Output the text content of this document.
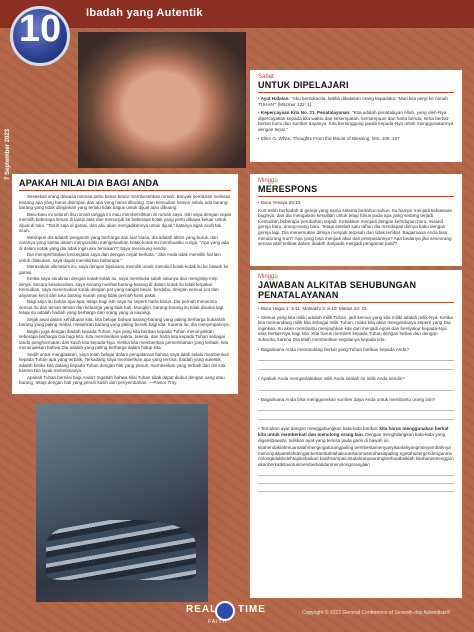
Ibadah yang Autentik
10
7 September 2023
Sabat
UNTUK DIPELAJARI
• Ayat Hafalan: “Aku bersukacita, ketika dikatakan orang kepadaku: ‘Mari kita pergi ke rumah TUHAN’” (Mazmur 122: 1).
• Kepercayaan Kita No. 21, Penatalayanan: “Kita adalah penatalayan Allah, yang oleh-Nya dipercayakan kepada kita waktu dan kesempatan, kemampuan dan harta benda, serta berkat-berkat bumi dan sumber dayanya. Kita bertanggung jawab kepada-Nya untuk menggunakannya dengan tepat.”
• Ellen G. White, Thoughts From the Mount of Blessing, hlm. 106, 107
APAKAH NILAI DIA BAGI ANDA

Seseekali orang dewasa merasa perlu benar-benar membersihkan rumah. Banyak pemikiran melintas tentang apa yang harus disimpan dan apa yang harus dibuang. Dan kemudian hampir selalu ada barang-barang yang tidak diinginkan yang terlalu tidak bagus untuk dijual atau dibuang.

Baru-baru ini seluruh ibu rumah tangga ini mau membersihkan isi rumah saya. Istri saya dengan cepat memilih beberapa lemari di lantai atas dan menunjuk ke beberapa kotak yang perlu dibawa keluar untuk dijual di toko. “Taruh saja di garasi, dan aku akan menjadikannya untuk dijual,” katanya agak acuh tak acuh.

Meskipun dia adalah pengantin yang berharga dan luar biasa, dia adalah aktris yang buruk, dan caranya yang santai dalam menyuruhku mengeluarkan kotak-kotak itu membuatku curiga. “Apa yang ada di dalam kotak yang dia tidak ingin aku temukan?” Saya merenung sendiri.

Dia memperhatikan kecurigaan saya dan dengan cepat berkata, “Jika Anda tidak memiliki hal lain untuk dilakukan, saya dapat memikirkan beberapa.”

Merasakan ultimatum itu, saya dengan bijaksana memilih untuk memikul kotak-kotak itu ke bawah ke garasi.

Ketika saya sendirian dengan kotak-kotak itu, saya membuka salah satunya dan mengintip-intip isinya. Secara keseluruhan, saya senang melihat barang-barang di dalam kotak itu tidak terpakai. Kemudian, saya menemukan kotak dengan pot yang sangat besar, berdebu, dengan semua pot dan anyaman kecil dari toko barang murah yang tidak pernah kami pakai.

Bagi saya itu bukan apa-apa, tetapi bagi istri saya itu seperti harta karun. Dia pernah menerima semua itu dari teman-teman dan keluarga yang baik hati. Mungkin, barang-barang itu tidak disukai lagi, tetapi itu adalah hadiah yang berharga dari orang yang ia sayangi.

Sejak awal dalam kehidupan kita, kita belajar bahwa barang-barang yang paling berharga bukanlah barang yang paling mahal, melainkan barang yang paling berarti bagi kita. Karena itu, dia menyimpannya.

Begitu juga dengan ibadah kepada Tuhan. Apa yang kita berikan kepada Tuhan menunjukkan seberapa berharga Dia bagi kita. Kita memberikan waktu, talenta, dan harta kita kepada Tuhan sebagai tanda penghormatan dan kasih kita kepada-Nya. Ketika kita memberikan persembahan yang terbaik, kita menunjukkan bahwa Dia adalah yang paling berharga dalam hidup kita.

Sedih untuk mengatakan, saya telah belajar dalam pengalaman bahwa saya tidak selalu memberikan kepada Tuhan apa yang terbaik. Terkadang saya memberikan apa yang tersisa. Ibadah yang autentik adalah ketika kita datang kepada Tuhan dengan hati yang penuh, memberikan yang terbaik dari diri kita, karena Dia layak menerimanya.

Apakah Tuhan bernilai bagi Anda? Ingatlah bahwa nilai Tuhan tidak dapat diukur dengan uang atau barang, tetapi dengan hati yang penuh kasih dan penyembahan. —Pastor Troy.

Minggu
MERESPONS
• Baca Yesaya 29:13.
Kurt telah berbadah di gereja yang sama selama bertahun-tahun. Itu hampir menjadi kebiasaan baginya, dan dia mengalami kesulitan untuk tetap fokus pada apa yang sedang terjadi. Kemudian beberapa perubahan terjadi. Kebaktian menjadi dengan kehidupan baru, inisiatif gereja baru, orang-orang baru. Tetapi setelah satu tahun dia mendapati dirinya kaku dengan gereja lagi. Dia menemukan dirinya menjadi terpisah dan tidak terlibat. Bagaimana Anda bisa mendorong Kurt? Apa yang bisa menjadi akar dari pelepasannya? Apa bedanya jika seseorang secara aktif terlibat dalam ibadah daripada menjadi pengamat pasif?
Minggu
JAWABAN ALKITAB SEHUBUNGAN PENATALAYANAN
• Baca Hagai 1: 3-11; Maleakhi 3: 8-10; Matius 23: 23.
• Semua yang kita miliki adalah milik Tuhan, jadi semua yang kita miliki adalah milik-Nya. Ketika kita memandang milik kita sebagai milik Tuhan, maka kita akan mengelolanya seperti yang Dia inginkan. Itu akan membantu menjauhkan kita dari menjadi egois dan bersyukur kepada-Nya atas berkat-Nya bagi kita. Kita harus memberi kepada Tuhan dengan bebas dan dengan sukacita, karena Dia telah memberikan segalanya kepada kita.
• Bagaimana Anda memandang berkat yang Tuhan berikan kepada Anda?
• Apakah Anda memperlakukan milik Anda seolah itu milik Anda sendiri?
• Bagaimana Anda bisa menggunakan sumber daya Anda untuk membantu orang lain?
• Temukan ayat dengan menggabungkan kata-kata berikut: kita harus menggunakan berkat kita untuk memberkati dan menolong orang lain. Dengan menghilangkan kata-kata yang digarisbawahi, tuliskan ayat yang tersisa pada garis di bawah ini.
kitahendaklahmuamalahmengingatorangpaling pemberitamenyanyikanlahyangmenyembahnya menunjukkantelahdenganbertambahlahakuutusanmuserahasiapaling ngetahuitergendenganmenolongtidakbolehtapikebaikan kasihsampaicintalahtanpaorangberbuatbaiklah kitaharusmenggunakanberkatkitauntukmemberkatidanmenolongoranglain
REAL TIME
FAITH
Copyright © 2022 General Conference of Seventh-day Adventists®
